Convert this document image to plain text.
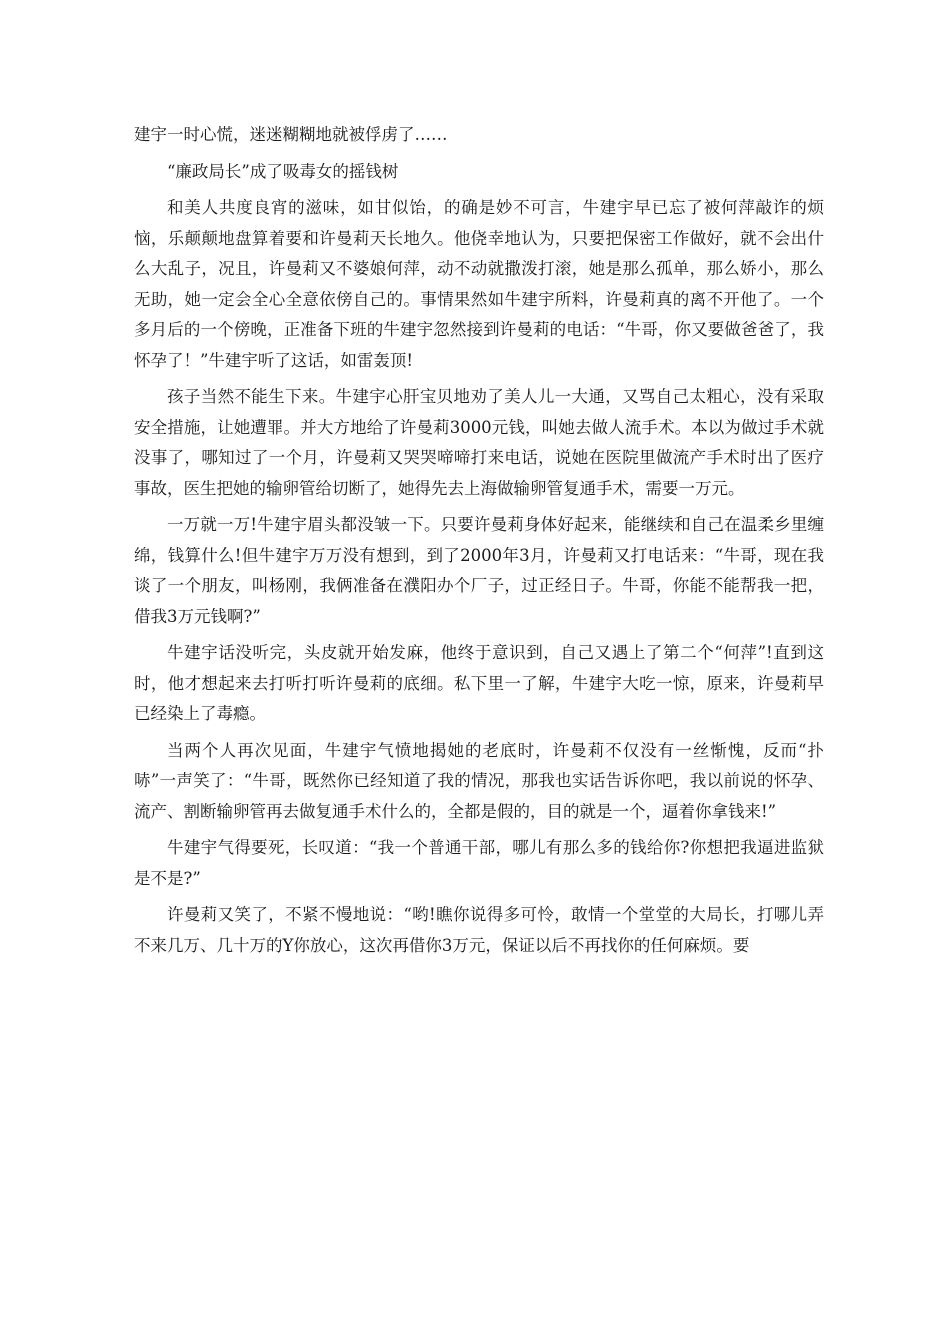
建宇一时心慌，迷迷糊糊地就被俘虏了……

“廉政局长”成了吸毒女的摇钱树

和美人共度良宵的滋味，如甘似饴，的确是妙不可言，牛建宇早已忘了被何萍敲诈的烦恼，乐颠颠地盘算着要和许曼莉天长地久。他侥幸地认为，只要把保密工作做好，就不会出什么大乱子，况且，许曼莉又不婆娘何萍，动不动就撒泼打滚，她是那么孤单，那么娇小，那么无助，她一定会全心全意依傍自己的。事情果然如牛建宇所料，许曼莉真的离不开他了。一个多月后的一个傍晚，正准备下班的牛建宇忽然接到许曼莉的电话：“牛哥，你又要做爸爸了，我怀孕了！”牛建宇听了这话，如雷轰顶!

孩子当然不能生下来。牛建宇心肝宝贝地劝了美人儿一大通，又骂自己太粗心，没有采取安全措施，让她遭罪。并大方地给了许曼莉3000元钱，叫她去做人流手术。本以为做过手术就没事了，哪知过了一个月，许曼莉又哭哭啼啼打来电话，说她在医院里做流产手术时出了医疗事故，医生把她的输卵管给切断了，她得先去上海做输卵管复通手术，需要一万元。

一万就一万!牛建宇眉头都没皱一下。只要许曼莉身体好起来，能继续和自己在温柔乡里缠绵，钱算什么!但牛建宇万万没有想到，到了2000年3月，许曼莉又打电话来：“牛哥，现在我谈了一个朋友，叫杨刚，我俩准备在濮阳办个厂子，过正经日子。牛哥，你能不能帮我一把，借我3万元钱啊?”

牛建宇话没听完，头皮就开始发麻，他终于意识到，自己又遇上了第二个“何萍”!直到这时，他才想起来去打听打听许曼莉的底细。私下里一了解，牛建宇大吃一惊，原来，许曼莉早已经染上了毒瘾。

当两个人再次见面，牛建宇气愤地揭她的老底时，许曼莉不仅没有一丝惭愧，反而“扑哧”一声笑了：“牛哥，既然你已经知道了我的情况，那我也实话告诉你吧，我以前说的怀孕、流产、割断输卵管再去做复通手术什么的，全都是假的，目的就是一个，逼着你拿钱来!”

牛建宇气得要死，长叹道：“我一个普通干部，哪儿有那么多的钱给你?你想把我逼进监狱是不是?”

许曼莉又笑了，不紧不慢地说：“哟!瞧你说得多可怜，敢情一个堂堂的大局长，打哪儿弄不来几万、几十万的Y你放心，这次再借你3万元，保证以后不再找你的任何麻烦。要
